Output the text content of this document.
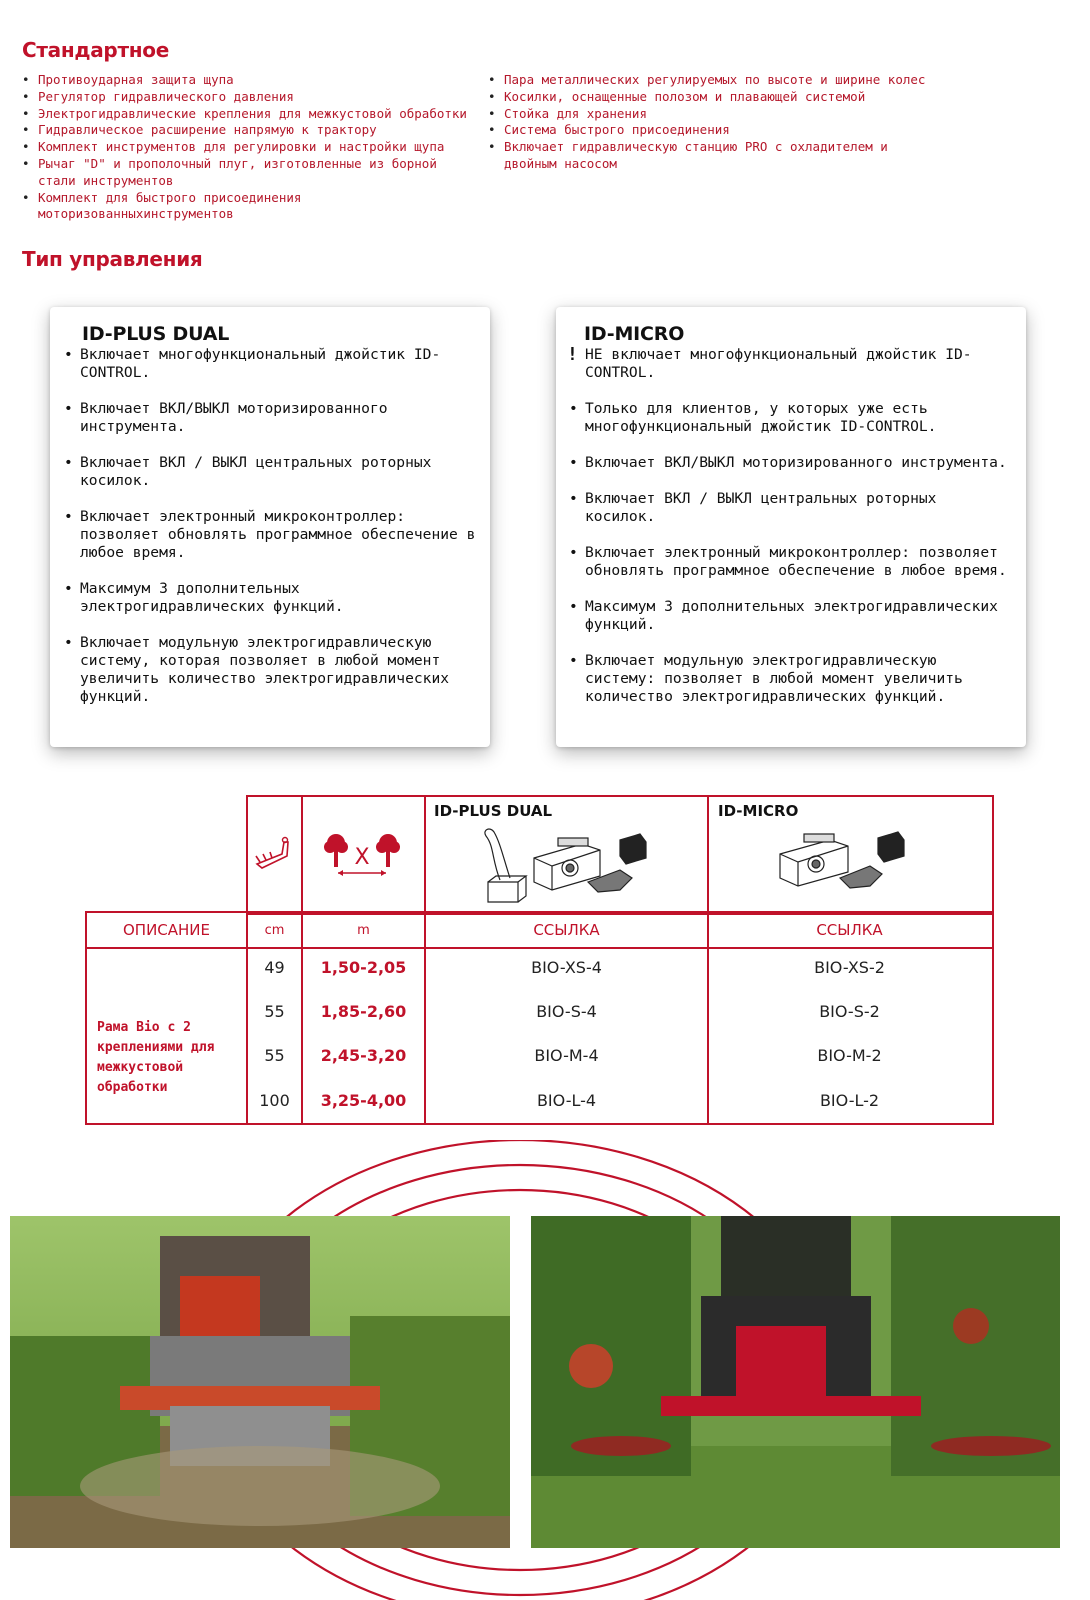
Стандартное
• Противоударная защита щупа
• Регулятор гидравлического давления
• Электрогидравлические крепления для межкустовой обработки
• Гидравлическое расширение напрямую к трактору
• Комплект инструментов для регулировки и настройки щупа
• Рычаг "D" и прополочный плуг, изготовленные из борной стали инструментов
• Комплект для быстрого присоединения моторизованныхинструментов
• Пара металлических регулируемых по высоте и ширине колес
• Косилки, оснащенные полозом и плавающей системой
• Стойка для хранения
• Система быстрого присоединения
• Включает гидравлическую станцию PRO с охладителем и двойным насосом
Тип управления
ID-PLUS DUAL
• Включает многофункциональный джойстик ID-CONTROL.
• Включает ВКЛ/ВЫКЛ моторизированного инструмента.
• Включает ВКЛ / ВЫКЛ центральных роторных косилок.
• Включает электронный микроконтроллер: позволяет обновлять программное обеспечение в любое время.
• Максимум 3 дополнительных электрогидравлических функций.
• Включает модульную электрогидравлическую систему, которая позволяет в любой момент увеличить количество электрогидравлических функций.
ID-MICRO
! НЕ включает многофункциональный джойстик ID-CONTROL.
• Только для клиентов, у которых уже есть многофункциональный джойстик ID-CONTROL.
• Включает ВКЛ/ВЫКЛ моторизированного инструмента.
• Включает ВКЛ / ВЫКЛ центральных роторных косилок.
• Включает электронный микроконтроллер: позволяет обновлять программное обеспечение в любое время.
• Максимум 3 дополнительных электрогидравлических функций.
• Включает модульную электрогидравлическую систему: позволяет в любой момент увеличить количество электрогидравлических функций.
X
ID-PLUS DUAL	ID-MICRO
ОПИСАНИЕ	cm	m	ССЫЛКА	ССЫЛКА
Рама Bio с 2 креплениями для межкустовой обработки
49	1,50-2,05	BIO-XS-4	BIO-XS-2
55	1,85-2,60	BIO-S-4	BIO-S-2
55	2,45-3,20	BIO-M-4	BIO-M-2
100	3,25-4,00	BIO-L-4	BIO-L-2
